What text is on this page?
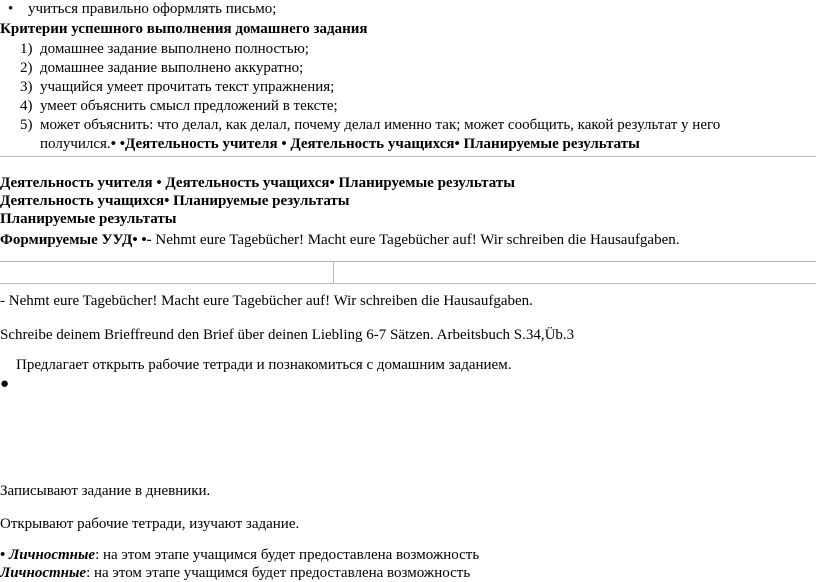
• учиться правильно оформлять письмо;
Критерии успешного выполнения домашнего задания
1) домашнее задание выполнено полностью;
2) домашнее задание выполнено аккуратно;
3) учащийся умеет прочитать текст упражнения;
4) умеет объяснить смысл предложений в тексте;
5) может объяснить: что делал, как делал, почему делал именно так; может сообщить, какой результат у него
получился.• •Деятельность учителя • Деятельность учащихся• Планируемые результаты
Деятельность учителя • Деятельность учащихся• Планируемые результаты
Деятельность учащихся• Планируемые результаты
Планируемые результаты
Формируемые УУД• •- Nehmt eure Tagebücher! Macht eure Tagebücher auf! Wir schreiben die Hausaufgaben.
- Nehmt eure Tagebücher! Macht eure Tagebücher auf! Wir schreiben die Hausaufgaben.
Schreibe deinem Brieffreund den Brief über deinen Liebling 6-7 Sätzen. Arbeitsbuch S.34,Üb.3
Предлагает открыть рабочие тетради и познакомиться с домашним заданием.
●
Записывают задание в дневники.
Открывают рабочие тетради, изучают задание.
• Личностные: на этом этапе учащимся будет предоставлена возможность
Личностные: на этом этапе учащимся будет предоставлена возможность
